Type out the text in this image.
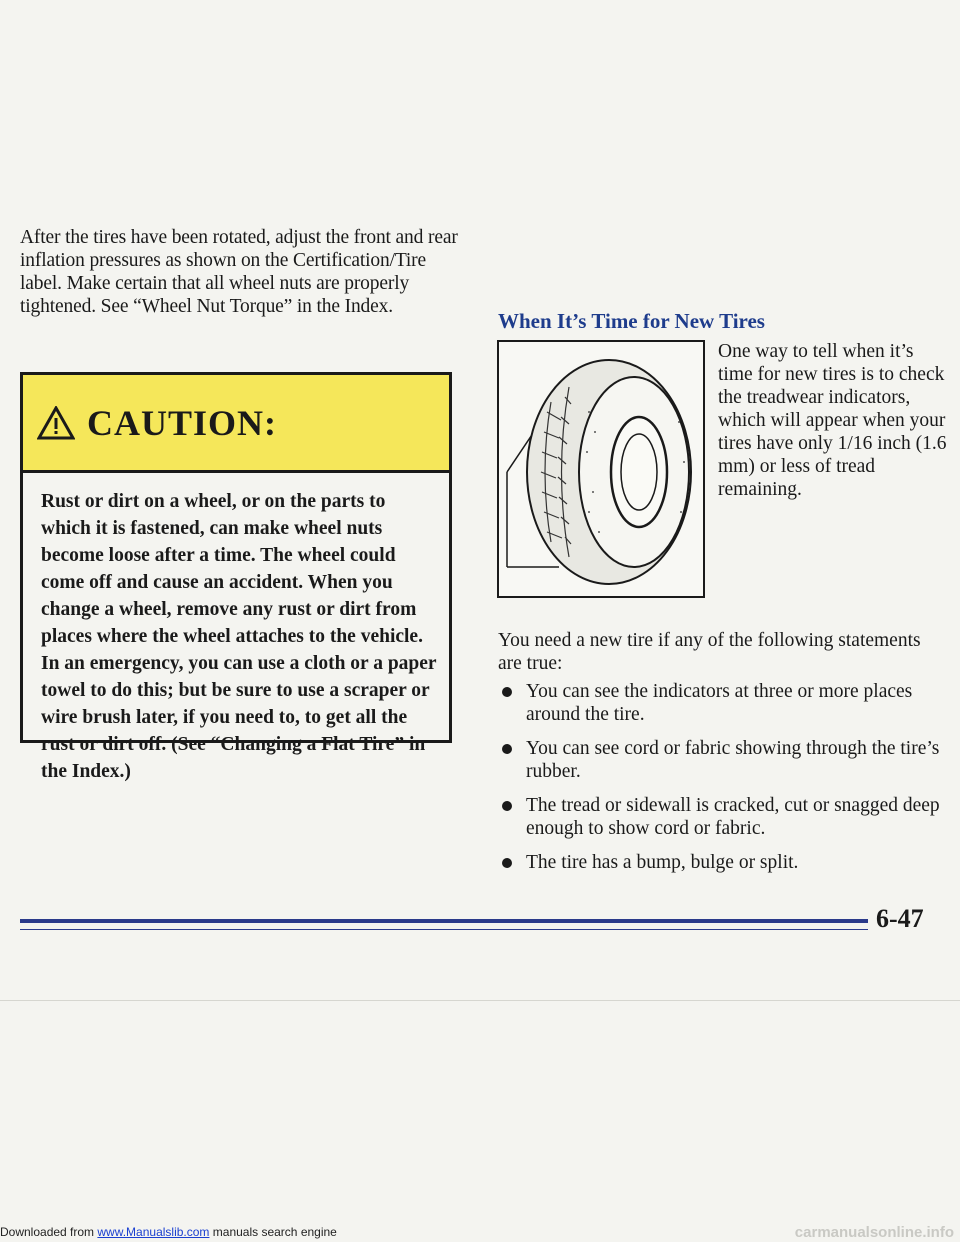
After the tires have been rotated, adjust the front and rear inflation pressures as shown on the Certification/Tire label. Make certain that all wheel nuts are properly tightened. See “Wheel Nut Torque” in the Index.

CAUTION:

Rust or dirt on a wheel, or on the parts to which it is fastened, can make wheel nuts become loose after a time. The wheel could come off and cause an accident. When you change a wheel, remove any rust or dirt from places where the wheel attaches to the vehicle. In an emergency, you can use a cloth or a paper towel to do this; but be sure to use a scraper or wire brush later, if you need to, to get all the rust or dirt off. (See “Changing a Flat Tire” in the Index.)

When It’s Time for New Tires

One way to tell when it’s time for new tires is to check the treadwear indicators, which will appear when your tires have only 1/16 inch (1.6 mm) or less of tread remaining.

You need a new tire if any of the following statements are true:

You can see the indicators at three or more places around the tire.
You can see cord or fabric showing through the tire’s rubber.
The tread or sidewall is cracked, cut or snagged deep enough to show cord or fabric.
The tire has a bump, bulge or split.
6-47
Downloaded from www.Manualslib.com manuals search engine	carmanualsonline.info
